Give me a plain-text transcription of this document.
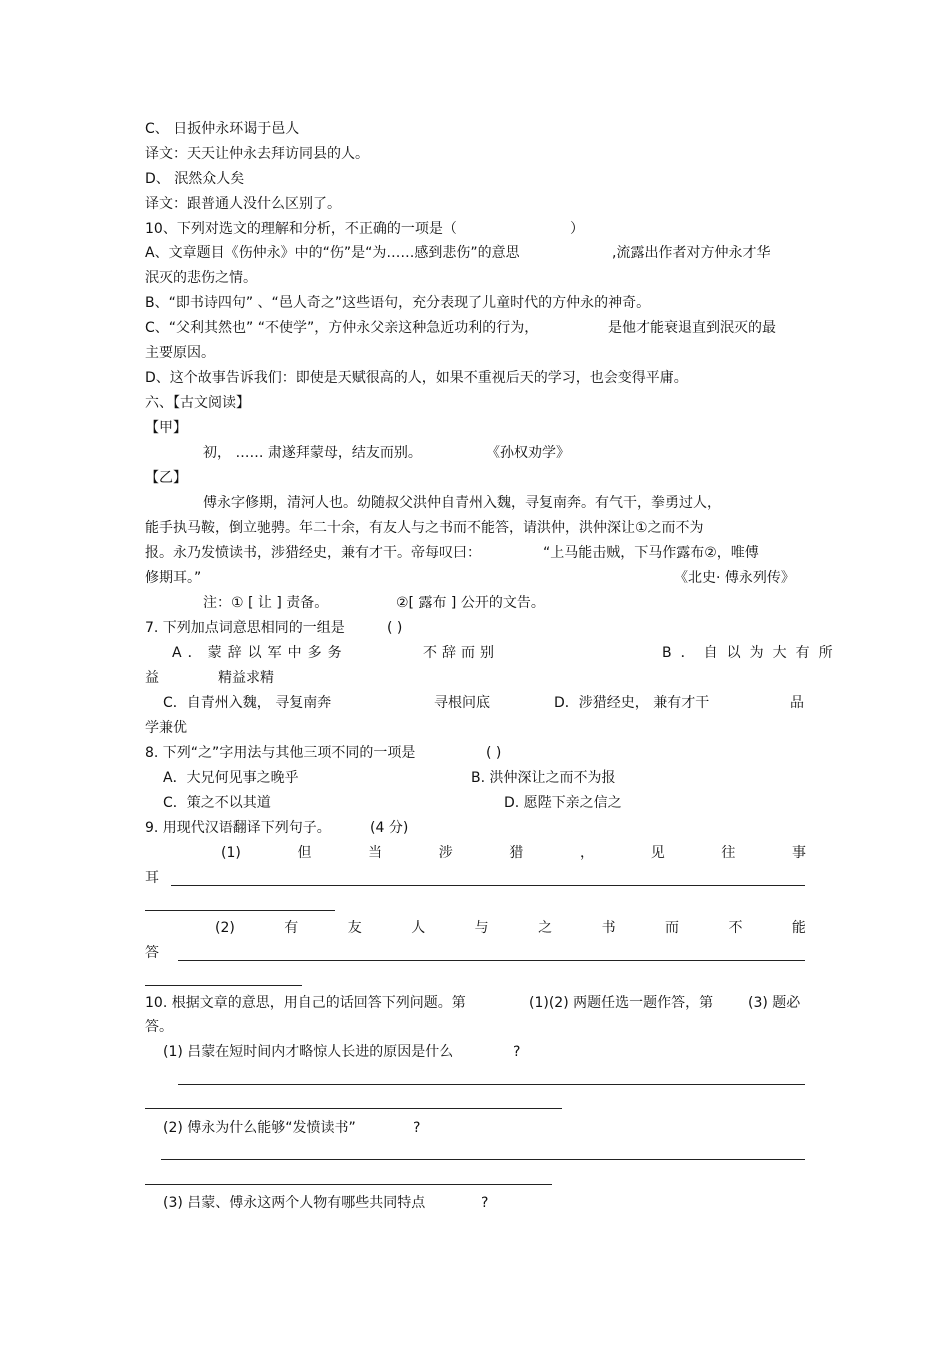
C、 日扳仲永环谒于邑人
译文：天天让仲永去拜访同县的人。
D、 泯然众人矣
译文：跟普通人没什么区别了。
10、下列对选文的理解和分析，不正确的一项是（	）
A、文章题目《伤仲永》中的“伤”是“为……感到悲伤”的意思	,流露出作者对方仲永才华
泯灭的悲伤之情。
B、“即书诗四句” 、“邑人奇之”这些语句，充分表现了儿童时代的方仲永的神奇。
C、“父利其然也” “不使学”，方仲永父亲这种急近功利的行为，	是他才能衰退直到泯灭的最
主要原因。
D、这个故事告诉我们：即使是天赋很高的人，如果不重视后天的学习，也会变得平庸。
六、【古文阅读】
【甲】
初， …… 肃遂拜蒙母，结友而别。	《孙权劝学》
【乙】
傅永字修期，清河人也。幼随叔父洪仲自青州入魏，寻复南奔。有气干，拳勇过人，
能手执马鞍，倒立驰骋。年二十余，有友人与之书而不能答，请洪仲，洪仲深让①之而不为
报。永乃发愤读书，涉猎经史，兼有才干。帝每叹曰：	“上马能击贼，下马作露布②，唯傅
修期耳。”	《北史· 傅永列传》
注：① [ 让 ] 责备。	②[ 露布 ] 公开的文告。
7. 下列加点词意思相同的一组是	( )
A．蒙辞以军中多务	不辞而别	B．自以为大有所
益	精益求精
C．自青州入魏， 寻复南奔	寻根问底	D．涉猎经史， 兼有才干	品
学兼优
8. 下列“之”字用法与其他三项不同的一项是	( )
A．大兄何见事之晚乎	B. 洪仲深让之而不为报
C．策之不以其道	D. 愿陛下亲之信之
9. 用现代汉语翻译下列句子。	(4 分)
(1)	但	当	涉	猎	，	见	往	事
耳
(2)	有	友	人	与	之	书	而	不	能
答
10. 根据文章的意思，用自己的话回答下列问题。第	(1)(2) 两题任选一题作答，第 (3) 题必
答。
(1) 吕蒙在短时间内才略惊人长进的原因是什么	?
(2) 傅永为什么能够“发愤读书”	?
(3) 吕蒙、傅永这两个人物有哪些共同特点	?
